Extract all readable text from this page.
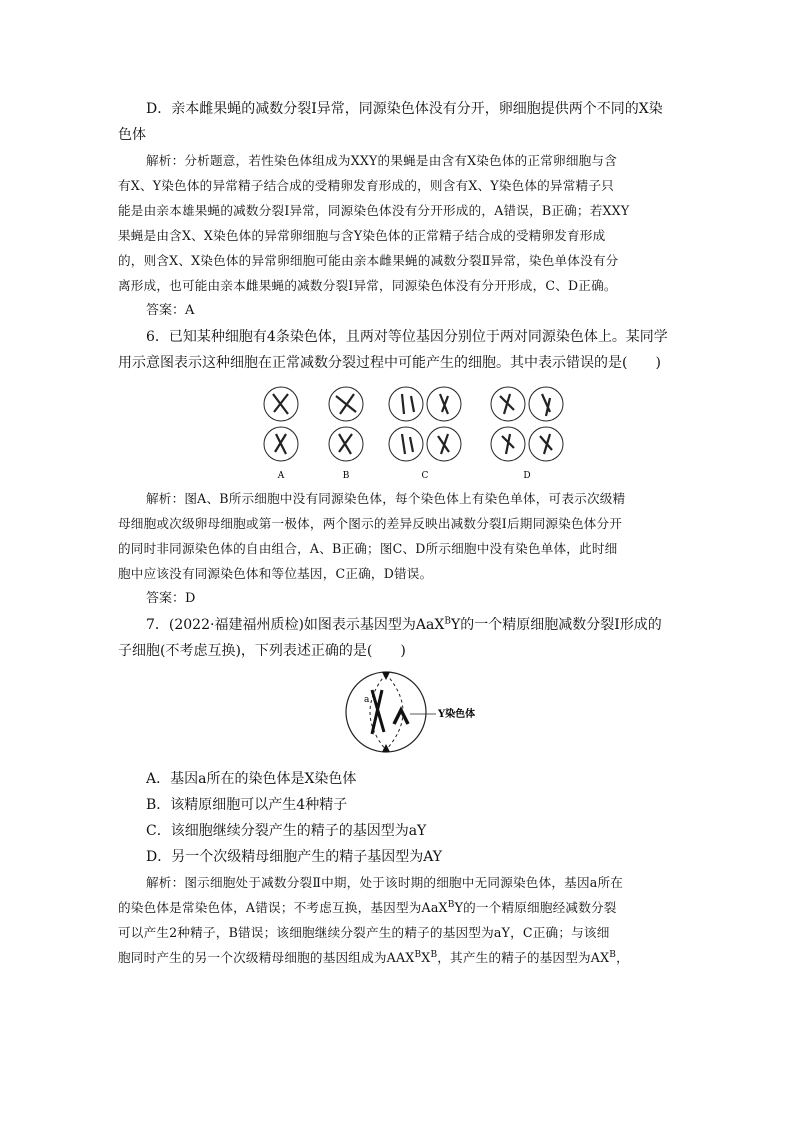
D．亲本雌果蝇的减数分裂Ⅰ异常，同源染色体没有分开，卵细胞提供两个不同的X染

色体

解析：分析题意，若性染色体组成为XXY的果蝇是由含有X染色体的正常卵细胞与含

有X、Y染色体的异常精子结合成的受精卵发育形成的，则含有X、Y染色体的异常精子只

能是由亲本雄果蝇的减数分裂Ⅰ异常，同源染色体没有分开形成的，A错误，B正确；若XXY

果蝇是由含X、X染色体的异常卵细胞与含Y染色体的正常精子结合成的受精卵发育形成

的，则含X、X染色体的异常卵细胞可能由亲本雌果蝇的减数分裂Ⅱ异常，染色单体没有分

离形成，也可能由亲本雌果蝇的减数分裂Ⅰ异常，同源染色体没有分开形成，C、D正确。

答案：A

6．已知某种细胞有4条染色体，且两对等位基因分别位于两对同源染色体上。某同学

用示意图表示这种细胞在正常减数分裂过程中可能产生的细胞。其中表示错误的是(　　)

A	B	C	D

解析：图A、B所示细胞中没有同源染色体，每个染色体上有染色单体，可表示次级精

母细胞或次级卵母细胞或第一极体，两个图示的差异反映出减数分裂Ⅰ后期同源染色体分开

的同时非同源染色体的自由组合，A、B正确；图C、D所示细胞中没有染色单体，此时细

胞中应该没有同源染色体和等位基因，C正确，D错误。

答案：D

7．(2022·福建福州质检)如图表示基因型为AaX$^B$Y的一个精原细胞减数分裂Ⅰ形成的

子细胞(不考虑互换)，下列表述正确的是(　　)

a
Y染色体

A．基因a所在的染色体是X染色体

B．该精原细胞可以产生4种精子

C．该细胞继续分裂产生的精子的基因型为aY

D．另一个次级精母细胞产生的精子基因型为AY

解析：图示细胞处于减数分裂Ⅱ中期，处于该时期的细胞中无同源染色体，基因a所在

的染色体是常染色体，A错误；不考虑互换，基因型为AaX$^B$Y的一个精原细胞经减数分裂

可以产生2种精子，B错误；该细胞继续分裂产生的精子的基因型为aY，C正确；与该细

胞同时产生的另一个次级精母细胞的基因组成为$AAX^BX^B$，其产生的精子的基因型为$AX^B$，
